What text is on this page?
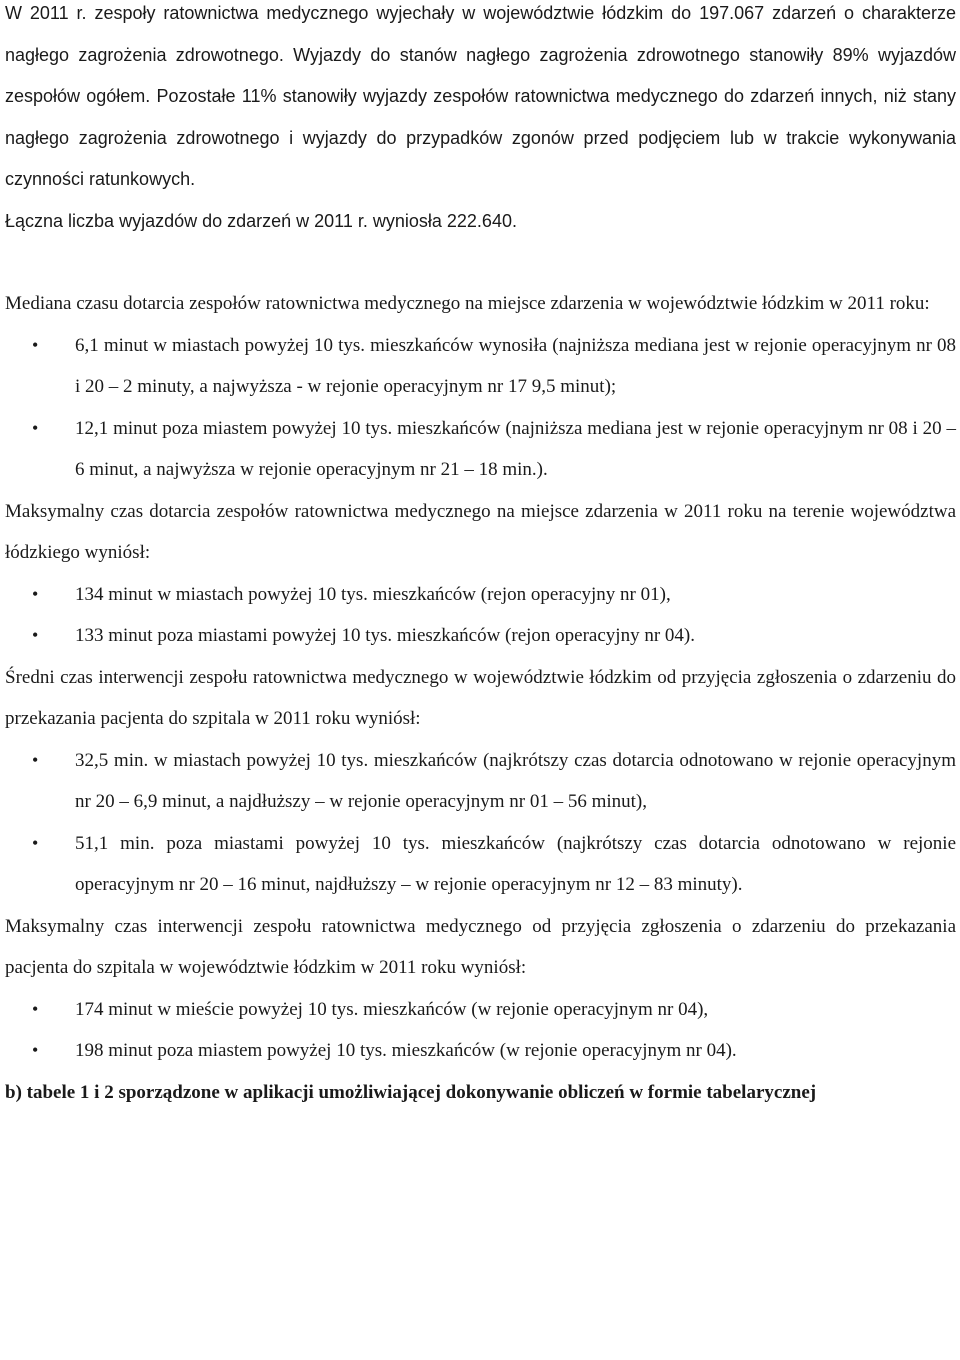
W 2011 r. zespoły ratownictwa medycznego wyjechały w województwie łódzkim do 197.067 zdarzeń o charakterze nagłego zagrożenia zdrowotnego. Wyjazdy do stanów nagłego zagrożenia zdrowotnego stanowiły 89% wyjazdów zespołów ogółem. Pozostałe 11% stanowiły wyjazdy zespołów ratownictwa medycznego do zdarzeń innych, niż stany nagłego zagrożenia zdrowotnego i wyjazdy do przypadków zgonów przed podjęciem lub w trakcie wykonywania czynności ratunkowych.

Łączna liczba wyjazdów do zdarzeń w 2011 r. wyniosła 222.640.

Mediana czasu dotarcia zespołów ratownictwa medycznego na miejsce zdarzenia w województwie łódzkim w 2011 roku:

• 6,1 minut w miastach powyżej 10 tys. mieszkańców wynosiła (najniższa mediana jest w rejonie operacyjnym nr 08 i 20 – 2 minuty, a najwyższa - w rejonie operacyjnym nr 17 9,5 minut);
• 12,1 minut poza miastem powyżej 10 tys. mieszkańców (najniższa mediana jest w rejonie operacyjnym nr 08 i 20 – 6 minut, a najwyższa w rejonie operacyjnym nr 21 – 18 min.).

Maksymalny czas dotarcia zespołów ratownictwa medycznego na miejsce zdarzenia w 2011 roku na terenie województwa łódzkiego wyniósł:

• 134 minut w miastach powyżej 10 tys. mieszkańców (rejon operacyjny nr 01),
• 133 minut poza miastami powyżej 10 tys. mieszkańców (rejon operacyjny nr 04).

Średni czas interwencji zespołu ratownictwa medycznego w województwie łódzkim od przyjęcia zgłoszenia o zdarzeniu do przekazania pacjenta do szpitala w 2011 roku wyniósł:

• 32,5 min. w miastach powyżej 10 tys. mieszkańców (najkrótszy czas dotarcia odnotowano w rejonie operacyjnym nr 20 – 6,9 minut, a najdłuższy – w rejonie operacyjnym nr 01 – 56 minut),
• 51,1 min. poza miastami powyżej 10 tys. mieszkańców (najkrótszy czas dotarcia odnotowano w rejonie operacyjnym nr 20 – 16 minut, najdłuższy – w rejonie operacyjnym nr 12 – 83 minuty).

Maksymalny czas interwencji zespołu ratownictwa medycznego od przyjęcia zgłoszenia o zdarzeniu do przekazania pacjenta do szpitala w województwie łódzkim w 2011 roku wyniósł:

• 174 minut w mieście powyżej 10 tys. mieszkańców (w rejonie operacyjnym nr 04),
• 198 minut poza miastem powyżej 10 tys. mieszkańców (w rejonie operacyjnym nr 04).

b) tabele 1 i 2 sporządzone w aplikacji umożliwiającej dokonywanie obliczeń w formie tabelarycznej
